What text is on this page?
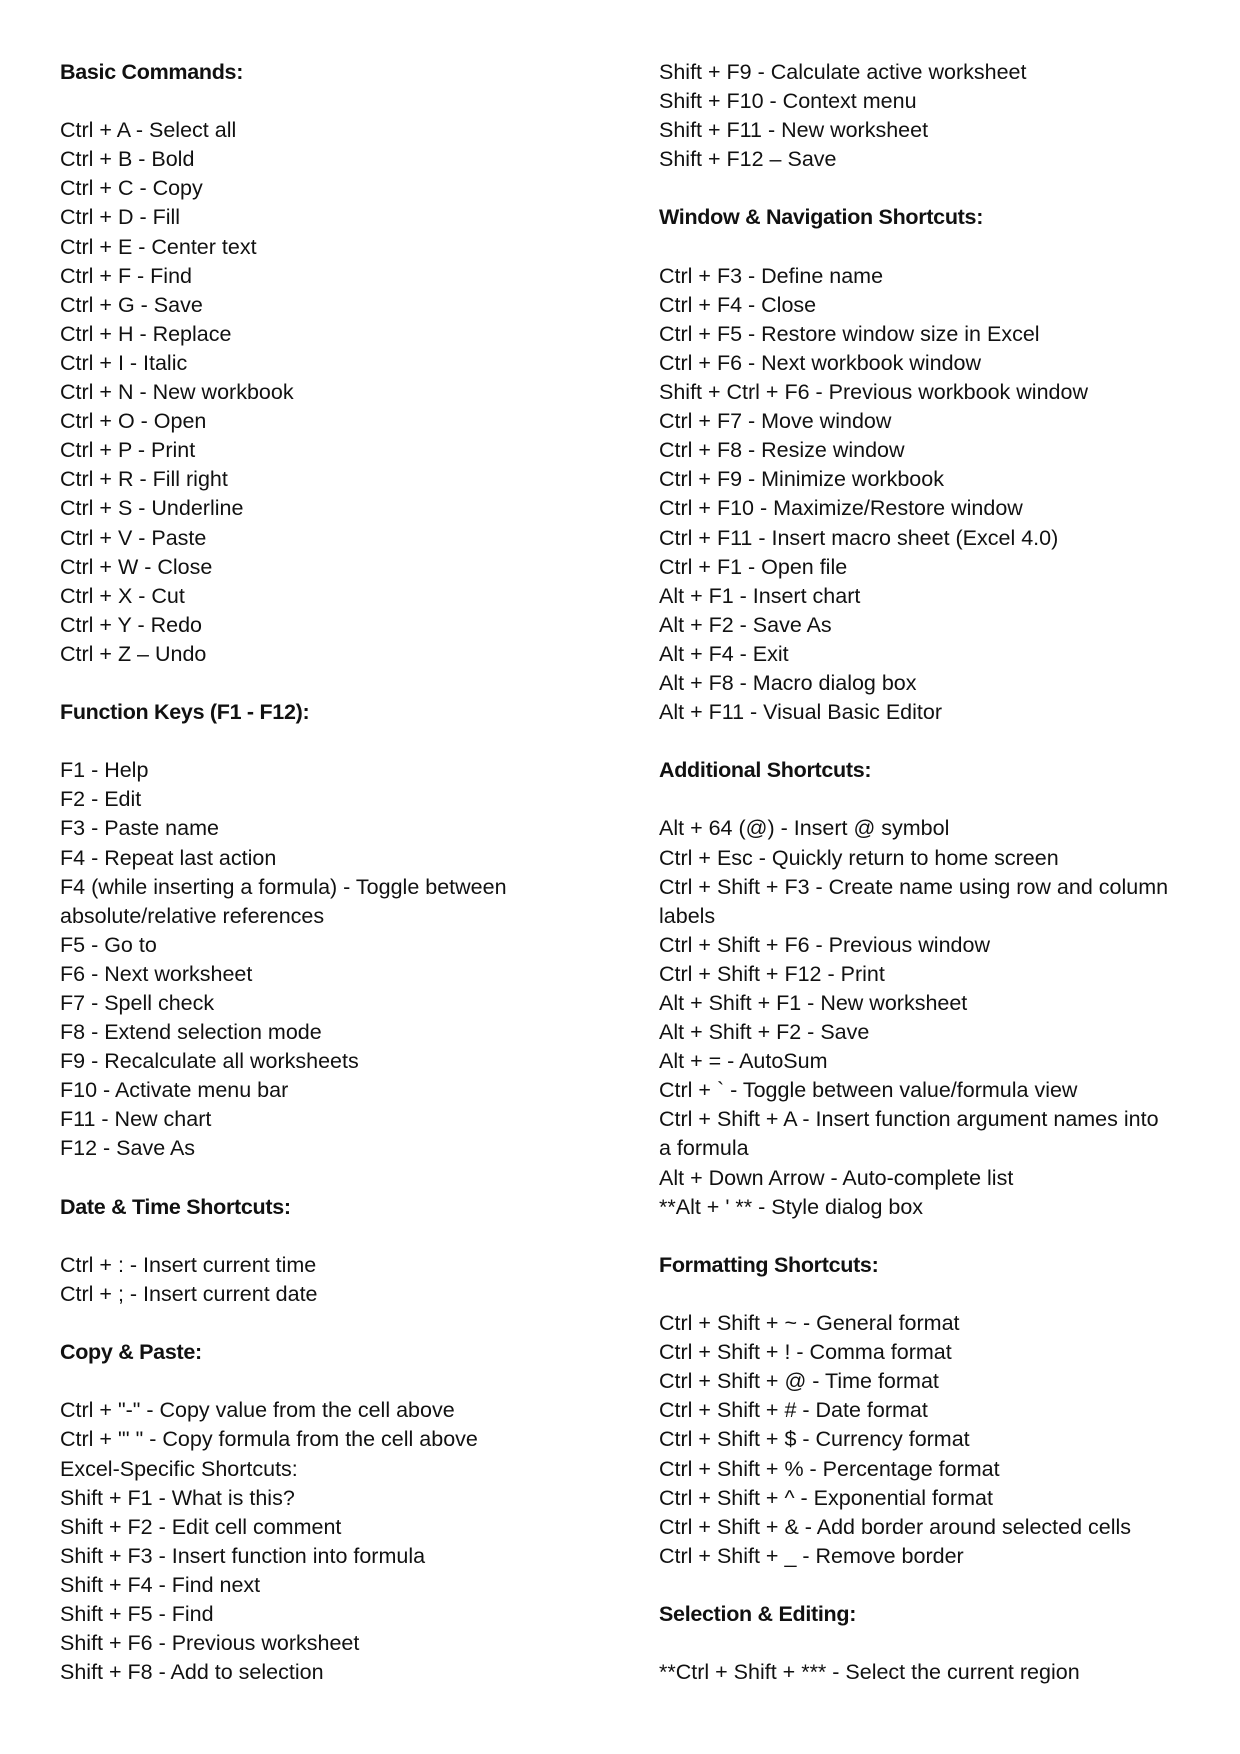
Basic Commands:
Ctrl + A - Select all
Ctrl + B - Bold
Ctrl + C - Copy
Ctrl + D - Fill
Ctrl + E - Center text
Ctrl + F - Find
Ctrl + G - Save
Ctrl + H - Replace
Ctrl + I - Italic
Ctrl + N - New workbook
Ctrl + O - Open
Ctrl + P - Print
Ctrl + R - Fill right
Ctrl + S - Underline
Ctrl + V - Paste
Ctrl + W - Close
Ctrl + X - Cut
Ctrl + Y - Redo
Ctrl + Z – Undo
Function Keys (F1 - F12):
F1 - Help
F2 - Edit
F3 - Paste name
F4 - Repeat last action
F4 (while inserting a formula) - Toggle between
absolute/relative references
F5 - Go to
F6 - Next worksheet
F7 - Spell check
F8 - Extend selection mode
F9 - Recalculate all worksheets
F10 - Activate menu bar
F11 - New chart
F12 - Save As
Date & Time Shortcuts:
Ctrl + : - Insert current time
Ctrl + ; - Insert current date
Copy & Paste:
Ctrl + "-" - Copy value from the cell above
Ctrl + "' " - Copy formula from the cell above
Excel-Specific Shortcuts:
Shift + F1 - What is this?
Shift + F2 - Edit cell comment
Shift + F3 - Insert function into formula
Shift + F4 - Find next
Shift + F5 - Find
Shift + F6 - Previous worksheet
Shift + F8 - Add to selection
Shift + F9 - Calculate active worksheet
Shift + F10 - Context menu
Shift + F11 - New worksheet
Shift + F12 – Save
Window & Navigation Shortcuts:
Ctrl + F3 - Define name
Ctrl + F4 - Close
Ctrl + F5 - Restore window size in Excel
Ctrl + F6 - Next workbook window
Shift + Ctrl + F6 - Previous workbook window
Ctrl + F7 - Move window
Ctrl + F8 - Resize window
Ctrl + F9 - Minimize workbook
Ctrl + F10 - Maximize/Restore window
Ctrl + F11 - Insert macro sheet (Excel 4.0)
Ctrl + F1 - Open file
Alt + F1 - Insert chart
Alt + F2 - Save As
Alt + F4 - Exit
Alt + F8 - Macro dialog box
Alt + F11 - Visual Basic Editor
Additional Shortcuts:
Alt + 64 (@) - Insert @ symbol
Ctrl + Esc - Quickly return to home screen
Ctrl + Shift + F3 - Create name using row and column
labels
Ctrl + Shift + F6 - Previous window
Ctrl + Shift + F12 - Print
Alt + Shift + F1 - New worksheet
Alt + Shift + F2 - Save
Alt + = - AutoSum
Ctrl + ` - Toggle between value/formula view
Ctrl + Shift + A - Insert function argument names into
a formula
Alt + Down Arrow - Auto-complete list
**Alt + ' ** - Style dialog box
Formatting Shortcuts:
Ctrl + Shift + ~ - General format
Ctrl + Shift + ! - Comma format
Ctrl + Shift + @ - Time format
Ctrl + Shift + # - Date format
Ctrl + Shift + $ - Currency format
Ctrl + Shift + % - Percentage format
Ctrl + Shift + ^ - Exponential format
Ctrl + Shift + & - Add border around selected cells
Ctrl + Shift + _ - Remove border
Selection & Editing:
**Ctrl + Shift + *** - Select the current region
